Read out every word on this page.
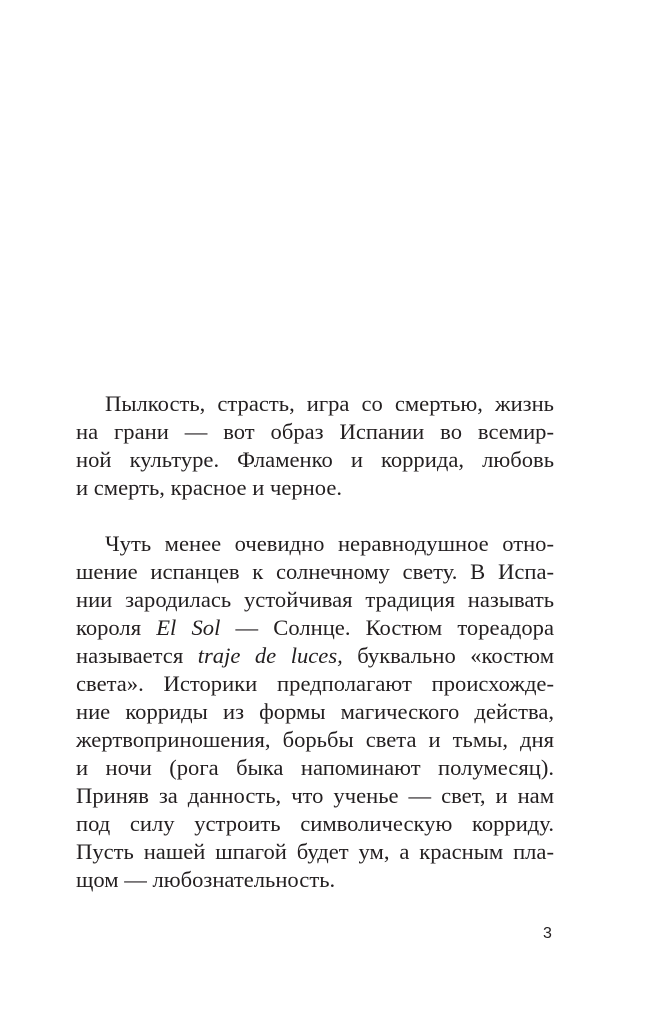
Пылкость, страсть, игра со смертью, жизнь
на грани — вот образ Испании во всемир-
ной культуре. Фламенко и коррида, любовь
и смерть, красное и черное.

Чуть менее очевидно неравнодушное отно-
шение испанцев к солнечному свету. В Испа-
нии зародилась устойчивая традиция называть
короля El Sol — Солнце. Костюм тореадора
называется traje de luces, буквально «костюм
света». Историки предполагают происхожде-
ние корриды из формы магического действа,
жертвоприношения, борьбы света и тьмы, дня
и ночи (рога быка напоминают полумесяц).
Приняв за данность, что ученье — свет, и нам
под силу устроить символическую корриду.
Пусть нашей шпагой будет ум, а красным пла-
щом — любознательность.

3
